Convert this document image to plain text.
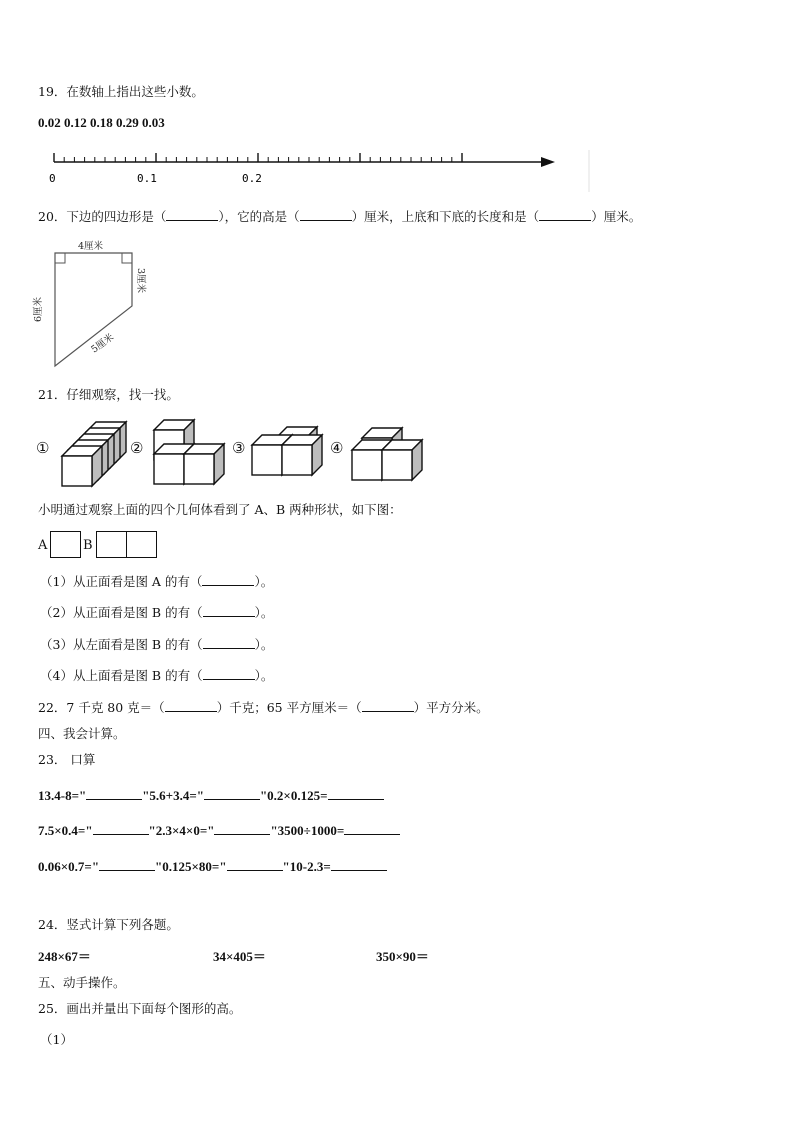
19．在数轴上指出这些小数。
0.02 0.12 0.18 0.29 0.03
0	0.1	0.2
20．下边的四边形是（	），它的高是（	）厘米，上底和下底的长度和是（	）厘米。
4厘米
6厘米
3厘米
5厘米
21．仔细观察，找一找。
①	②	③	④
小明通过观察上面的四个几何体看到了 A、B 两种形状，如下图：
A	B
（1）从正面看是图 A 的有（	）。
（2）从正面看是图 B 的有（	）。
（3）从左面看是图 B 的有（	）。
（4）从上面看是图 B 的有（	）。
22．7 千克 80 克＝（	）千克；65 平方厘米＝（	）平方分米。
四、我会计算。
23． 口算
13.4-8="	"5.6+3.4="	"0.2×0.125=
7.5×0.4="	"2.3×4×0="	"3500÷1000=
0.06×0.7="	"0.125×80="	"10-2.3=
24．竖式计算下列各题。
248×67＝	34×405＝	350×90＝
五、动手操作。
25．画出并量出下面每个图形的高。
（1）
